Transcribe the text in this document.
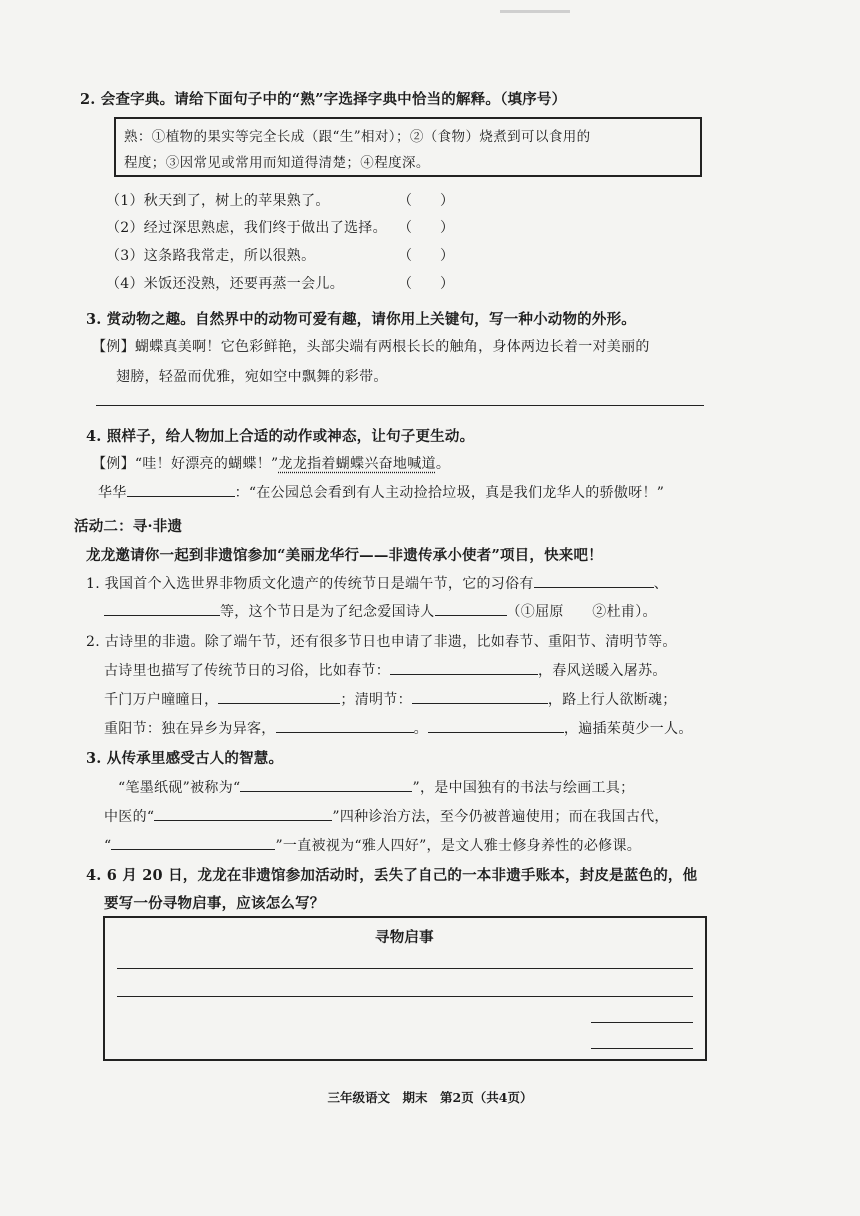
2. 会查字典。请给下面句子中的“熟”字选择字典中恰当的解释。（填序号）
熟：①植物的果实等完全长成（跟“生”相对）；②（食物）烧煮到可以食用的
程度；③因常见或常用而知道得清楚；④程度深。
（1）秋天到了，树上的苹果熟了。	（　　）
（2）经过深思熟虑，我们终于做出了选择。 （　　）
（3）这条路我常走，所以很熟。	（　　）
（4）米饭还没熟，还要再蒸一会儿。	（　　）
3. 赏动物之趣。自然界中的动物可爱有趣，请你用上关键句，写一种小动物的外形。
【例】蝴蝶真美啊！它色彩鲜艳，头部尖端有两根长长的触角，身体两边长着一对美丽的
翅膀，轻盈而优雅，宛如空中飘舞的彩带。
4. 照样子，给人物加上合适的动作或神态，让句子更生动。
【例】“哇！好漂亮的蝴蝶！”龙龙指着蝴蝶兴奋地喊道。
华华	：“在公园总会看到有人主动捡拾垃圾，真是我们龙华人的骄傲呀！”
活动二：寻·非遗
龙龙邀请你一起到非遗馆参加“美丽龙华行——非遗传承小使者”项目，快来吧！
1. 我国首个入选世界非物质文化遗产的传统节日是端午节，它的习俗有	、
等，这个节日是为了纪念爱国诗人	（①屈原　　②杜甫）。
2. 古诗里的非遗。除了端午节，还有很多节日也申请了非遗，比如春节、重阳节、清明节等。
古诗里也描写了传统节日的习俗，比如春节：	，春风送暖入屠苏。
千门万户曈曈日，	；清明节：	，路上行人欲断魂；
重阳节：独在异乡为异客，	。	，遍插茱萸少一人。
3. 从传承里感受古人的智慧。
“笔墨纸砚”被称为“	”，是中国独有的书法与绘画工具；
中医的“	”四种诊治方法，至今仍被普遍使用；而在我国古代，
“	”一直被视为“雅人四好”，是文人雅士修身养性的必修课。
4. 6 月 20 日，龙龙在非遗馆参加活动时，丢失了自己的一本非遗手账本，封皮是蓝色的，他
要写一份寻物启事，应该怎么写？
寻物启事
三年级语文　期末　第2页（共4页）
